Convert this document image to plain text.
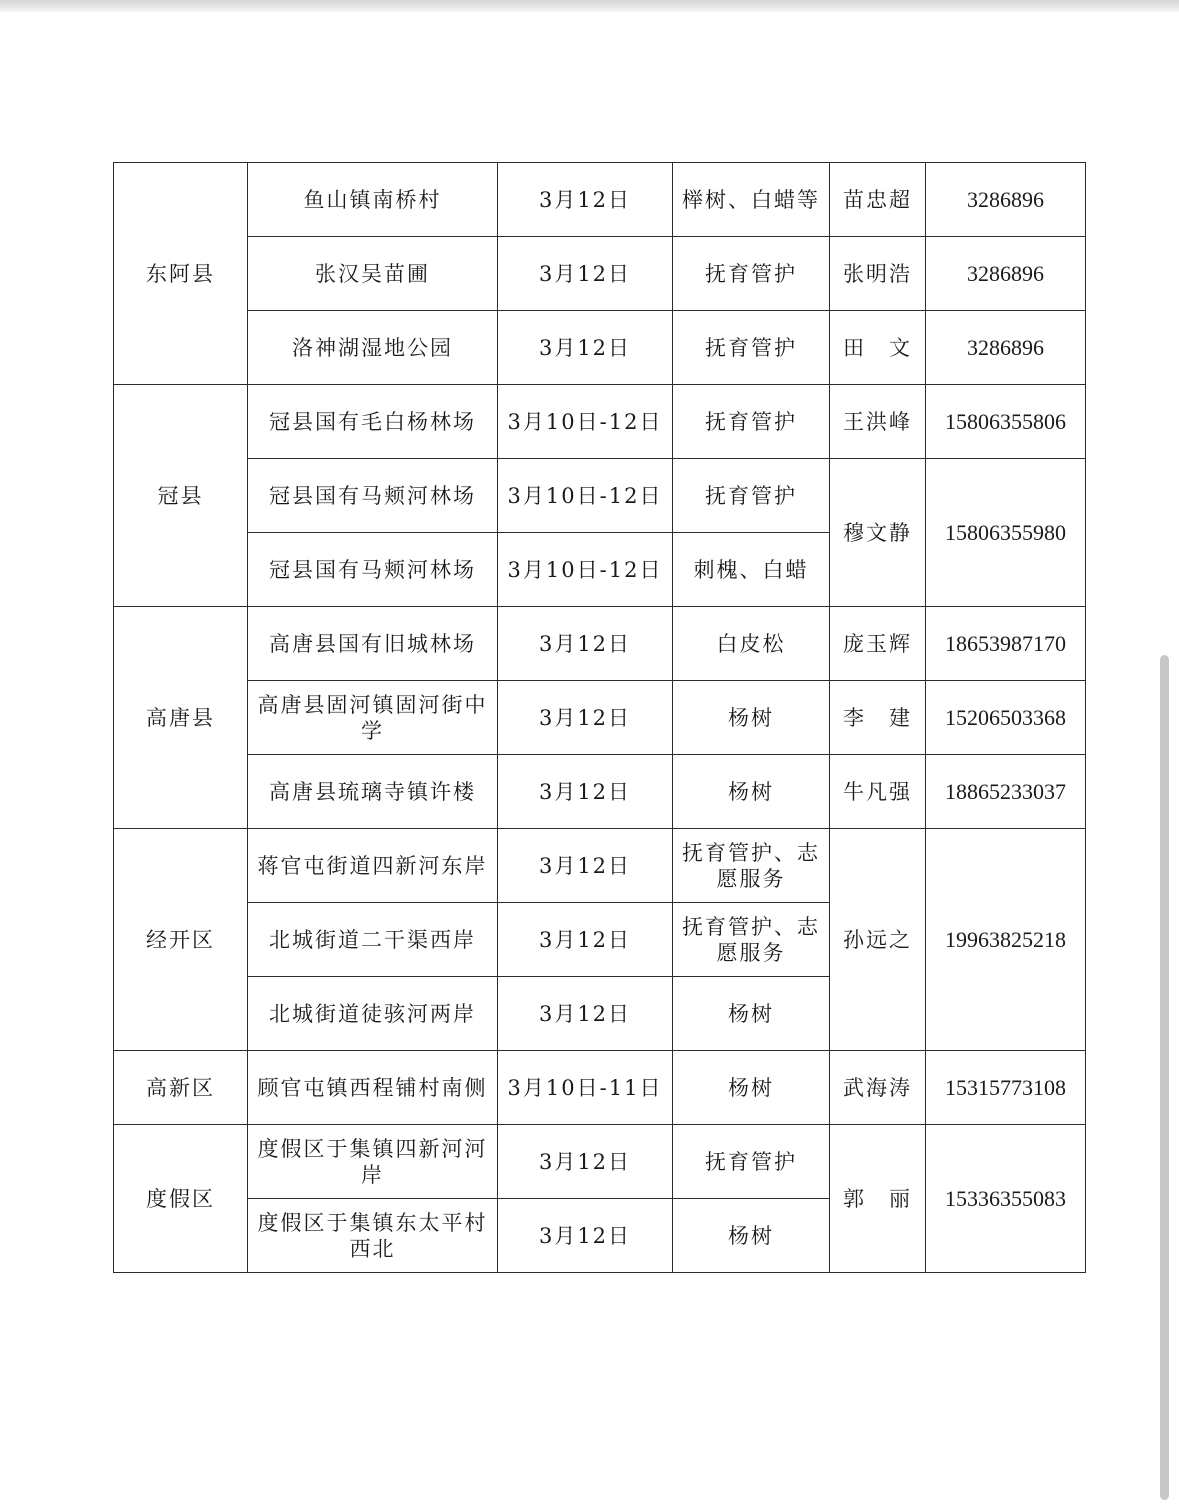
东阿县	鱼山镇南桥村	3月12日	榉树、白蜡等	苗忠超	3286896
	张汉吴苗圃	3月12日	抚育管护	张明浩	3286896
	洛神湖湿地公园	3月12日	抚育管护	田　文	3286896
冠县	冠县国有毛白杨林场	3月10日-12日	抚育管护	王洪峰	15806355806
	冠县国有马颊河林场	3月10日-12日	抚育管护	穆文静	15806355980
	冠县国有马颊河林场	3月10日-12日	刺槐、白蜡		
高唐县	高唐县国有旧城林场	3月12日	白皮松	庞玉辉	18653987170
	高唐县固河镇固河街中学	3月12日	杨树	李　建	15206503368
	高唐县琉璃寺镇许楼	3月12日	杨树	牛凡强	18865233037
经开区	蒋官屯街道四新河东岸	3月12日	抚育管护、志愿服务	孙远之	19963825218
	北城街道二干渠西岸	3月12日	抚育管护、志愿服务		
	北城街道徒骇河两岸	3月12日	杨树		
高新区	顾官屯镇西程铺村南侧	3月10日-11日	杨树	武海涛	15315773108
度假区	度假区于集镇四新河河岸	3月12日	抚育管护	郭　丽	15336355083
	度假区于集镇东太平村西北	3月12日	杨树		
